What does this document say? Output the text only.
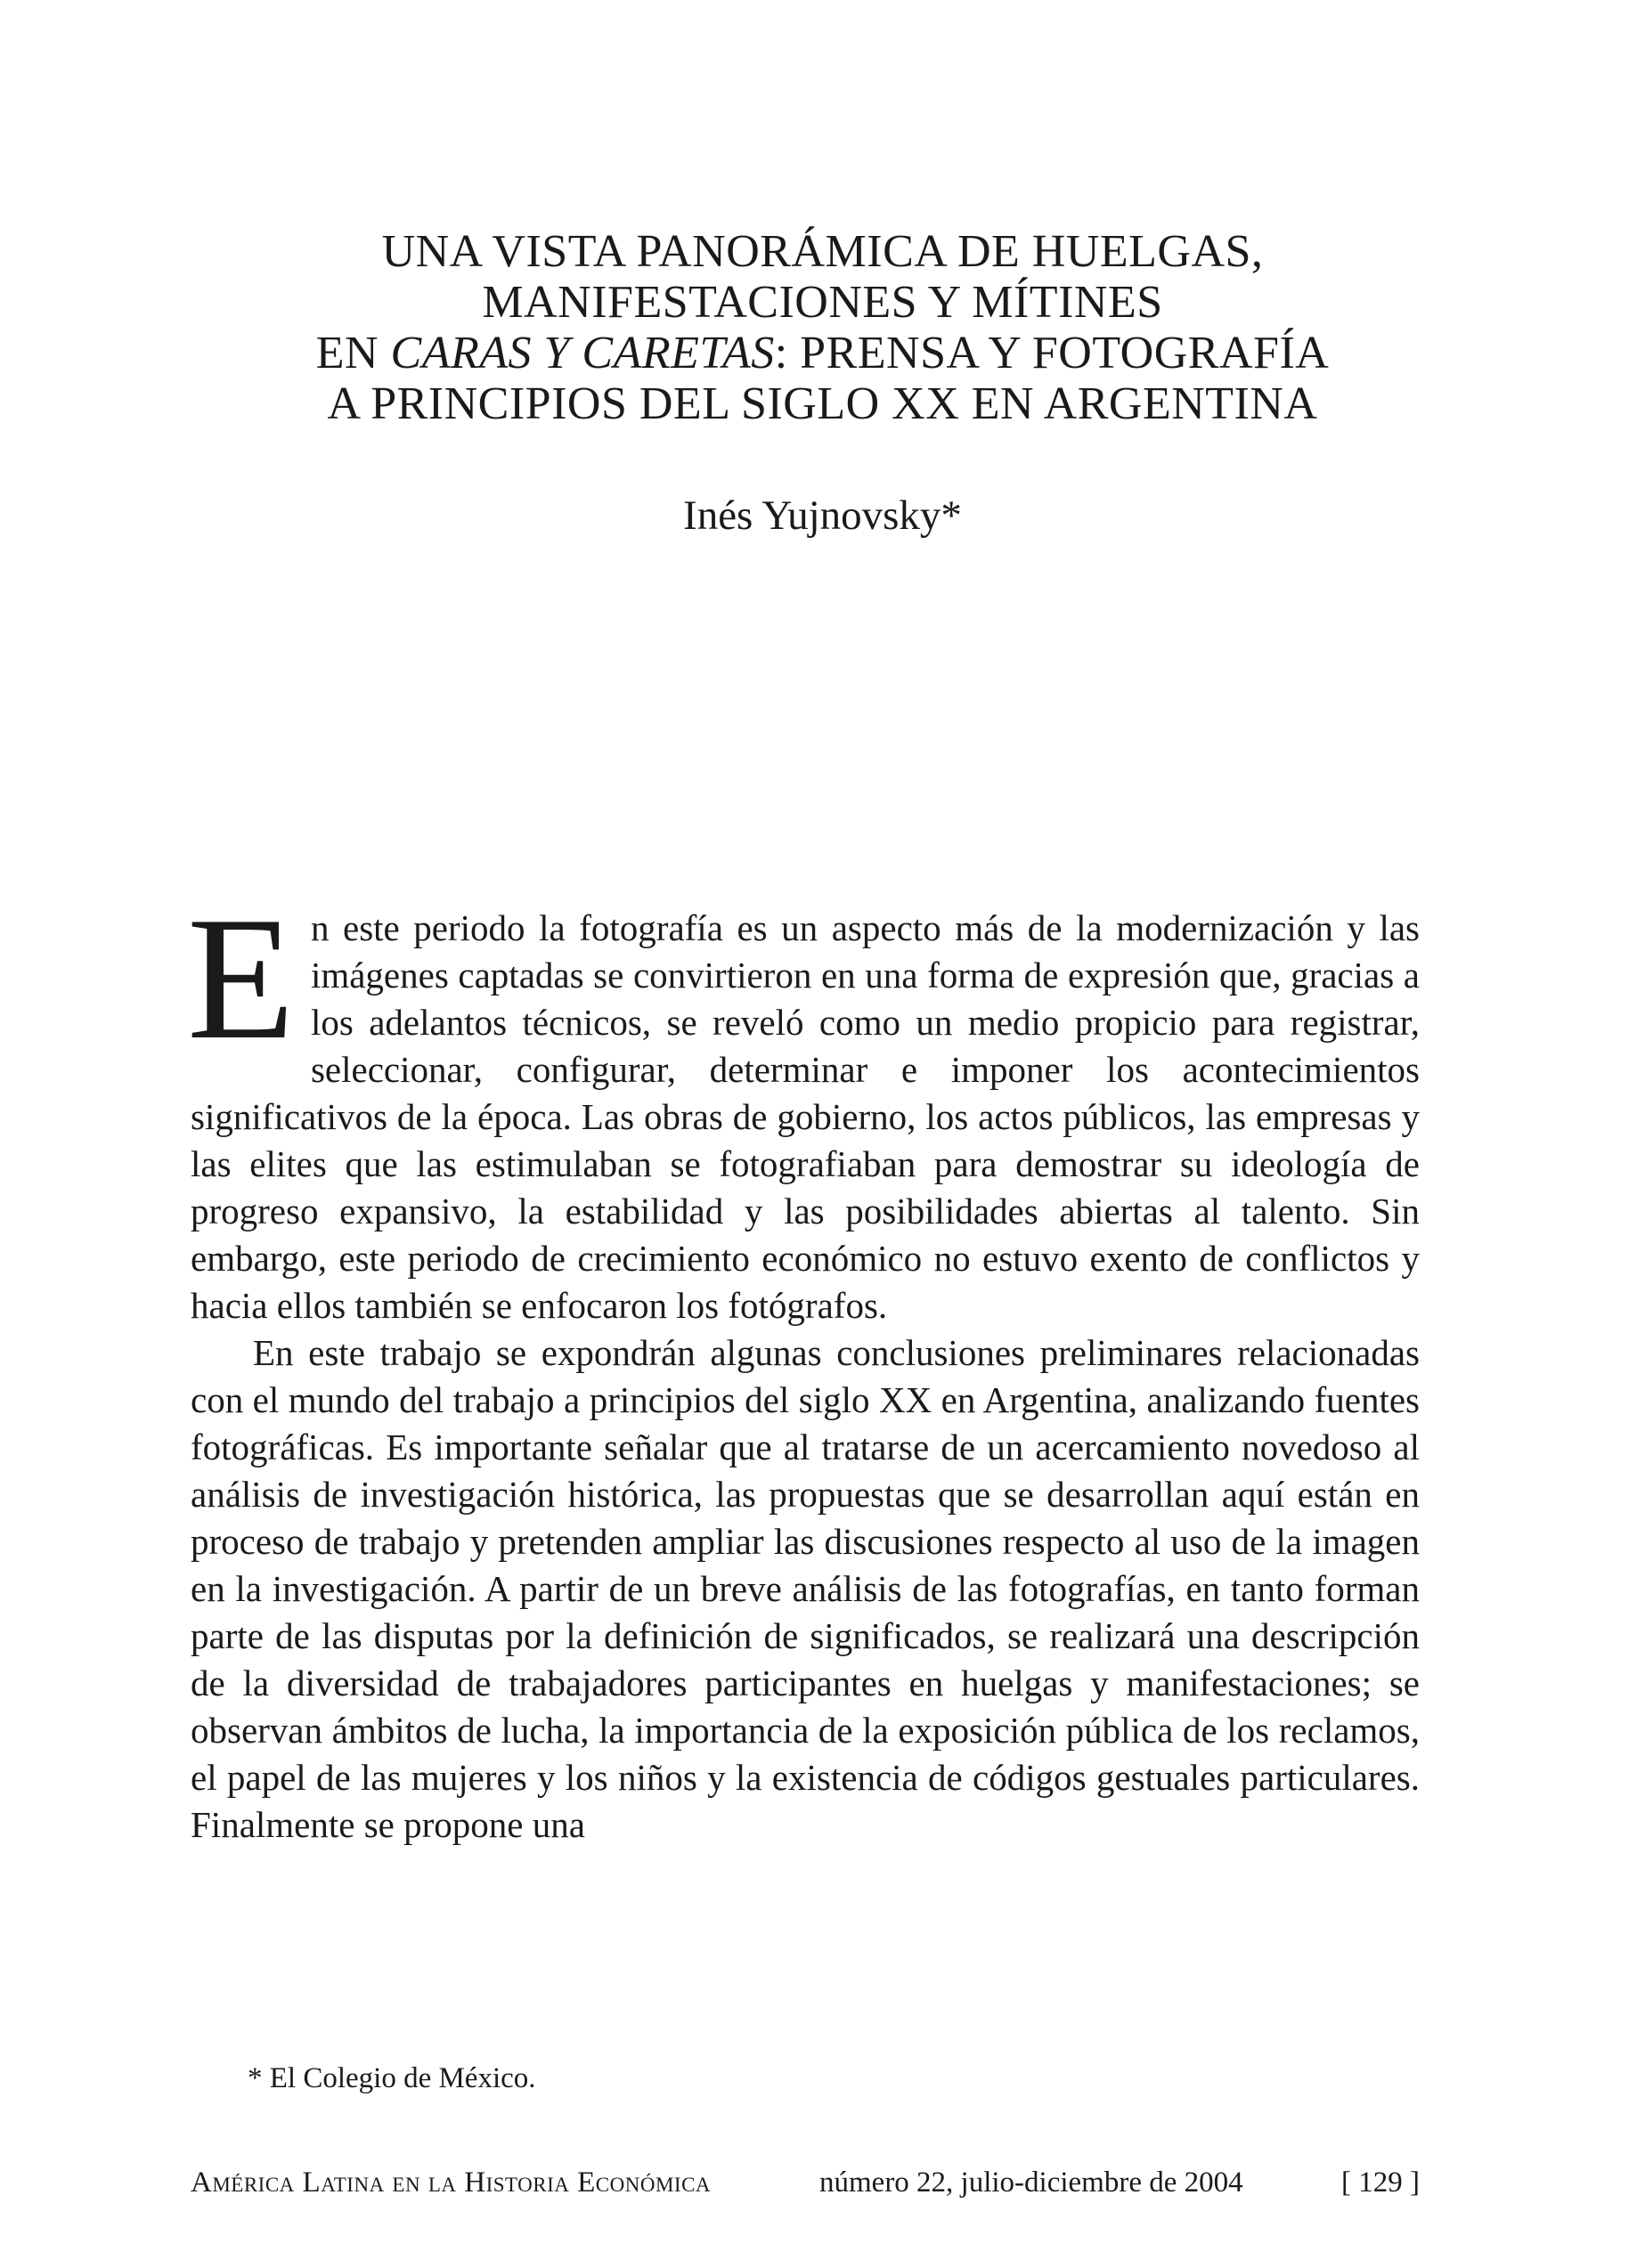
UNA VISTA PANORÁMICA DE HUELGAS,
MANIFESTACIONES Y MÍTINES
EN CARAS Y CARETAS: PRENSA Y FOTOGRAFÍA
A PRINCIPIOS DEL SIGLO XX EN ARGENTINA
Inés Yujnovsky*

En este periodo la fotografía es un aspecto más de la modernización y las imágenes captadas se convirtieron en una forma de expresión que, gracias a los adelantos técnicos, se reveló como un medio propicio para registrar, seleccionar, configurar, determinar e imponer los acontecimientos significativos de la época. Las obras de gobierno, los actos públicos, las empresas y las elites que las estimulaban se fotografiaban para demostrar su ideología de progreso expansivo, la estabilidad y las posibilidades abiertas al talento. Sin embargo, este periodo de crecimiento económico no estuvo exento de conflictos y hacia ellos también se enfocaron los fotógrafos.

En este trabajo se expondrán algunas conclusiones preliminares relacionadas con el mundo del trabajo a principios del siglo XX en Argentina, analizando fuentes fotográficas. Es importante señalar que al tratarse de un acercamiento novedoso al análisis de investigación histórica, las propuestas que se desarrollan aquí están en proceso de trabajo y pretenden ampliar las discusiones respecto al uso de la imagen en la investigación. A partir de un breve análisis de las fotografías, en tanto forman parte de las disputas por la definición de significados, se realizará una descripción de la diversidad de trabajadores participantes en huelgas y manifestaciones; se observan ámbitos de lucha, la importancia de la exposición pública de los reclamos, el papel de las mujeres y los niños y la existencia de códigos gestuales particulares. Finalmente se propone una

* El Colegio de México.
América Latina en la Historia Económica	número 22, julio-diciembre de 2004	[ 129 ]
